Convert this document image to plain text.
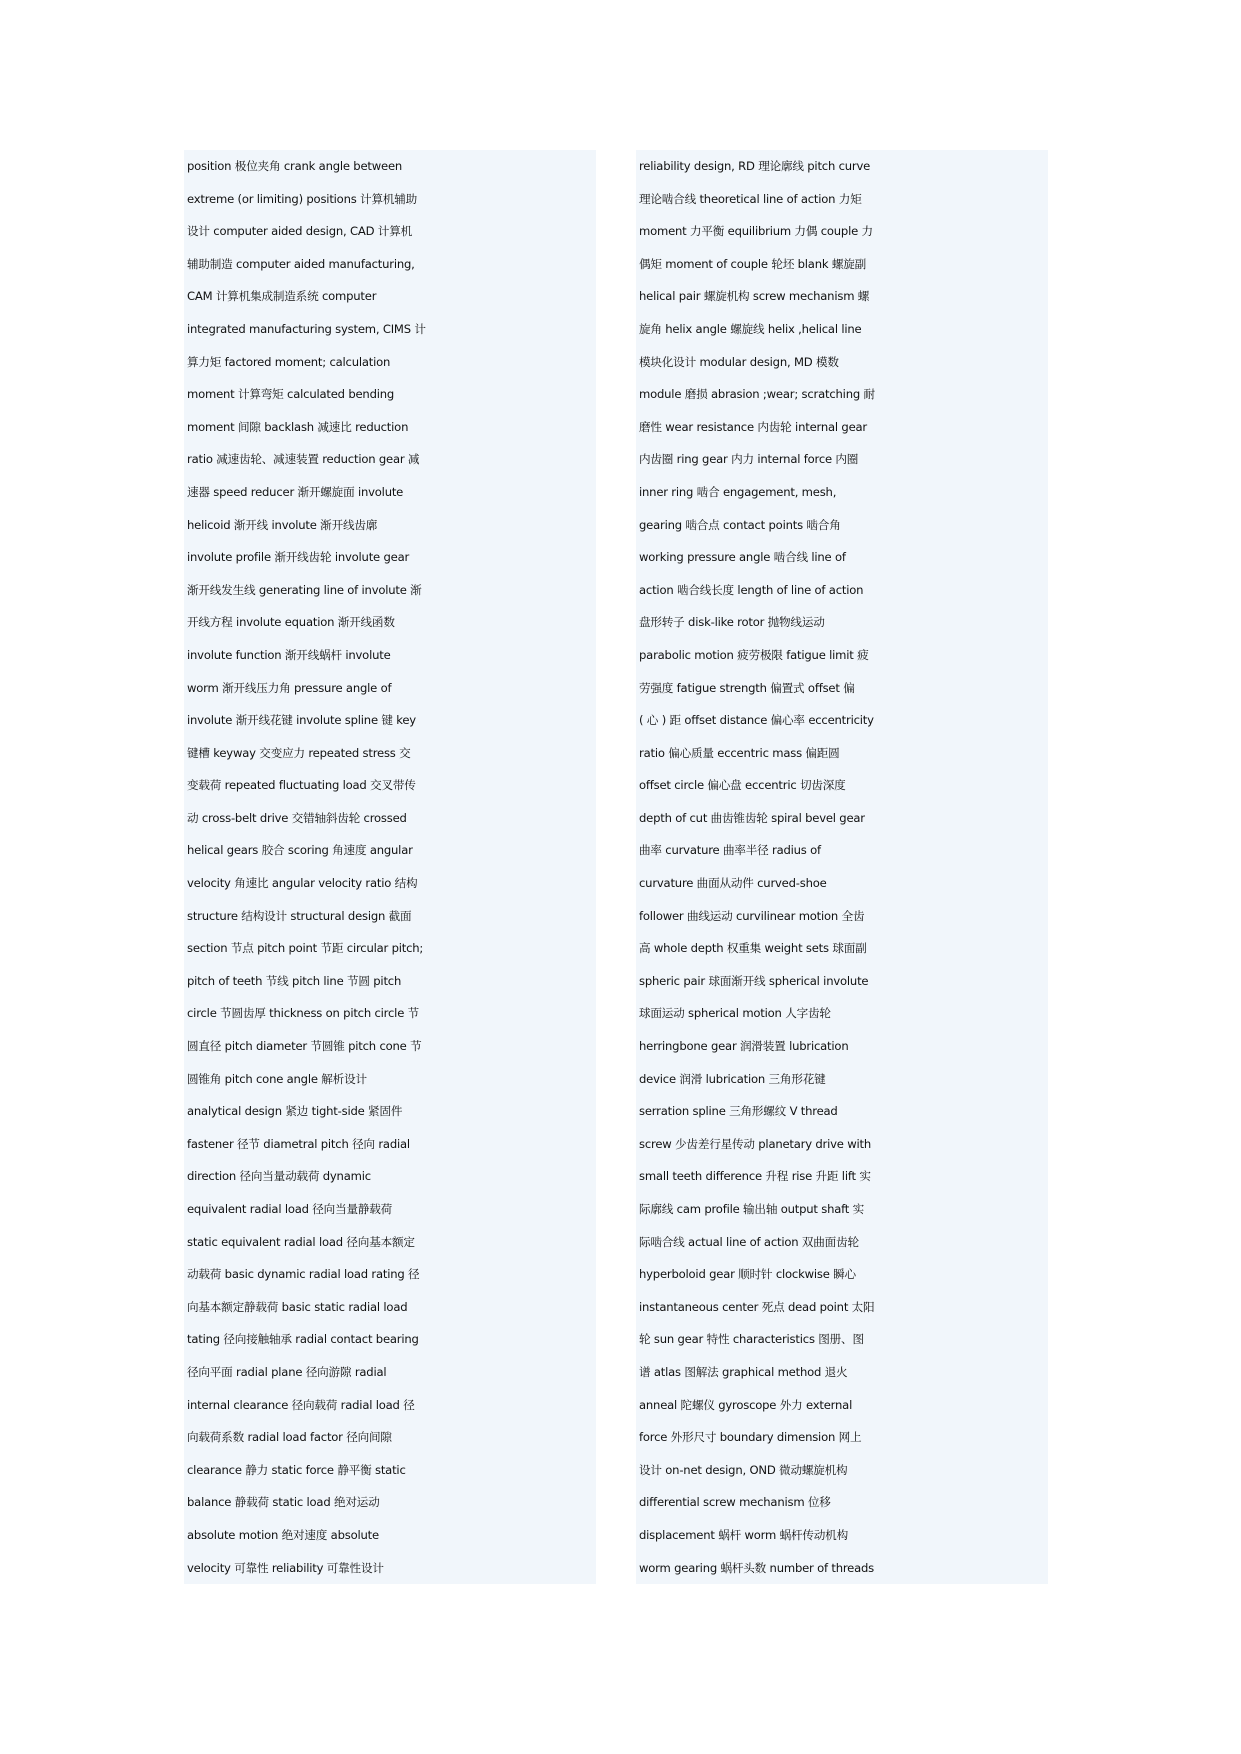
position 极位夹角 crank angle between
extreme (or limiting) positions 计算机辅助
设计 computer aided design, CAD 计算机
辅助制造 computer aided manufacturing,
CAM 计算机集成制造系统 computer
integrated manufacturing system, CIMS 计
算力矩 factored moment; calculation
moment 计算弯矩 calculated bending
moment 间隙 backlash 减速比 reduction
ratio 减速齿轮、减速装置 reduction gear 减
速器 speed reducer 渐开螺旋面 involute
helicoid 渐开线 involute 渐开线齿廓
involute profile 渐开线齿轮 involute gear
渐开线发生线 generating line of involute 渐
开线方程 involute equation 渐开线函数
involute function 渐开线蜗杆 involute
worm 渐开线压力角 pressure angle of
involute 渐开线花键 involute spline 键 key
键槽 keyway 交变应力 repeated stress 交
变载荷 repeated fluctuating load 交叉带传
动 cross-belt drive 交错轴斜齿轮 crossed
helical gears 胶合 scoring 角速度 angular
velocity 角速比 angular velocity ratio 结构
structure 结构设计 structural design 截面
section 节点 pitch point 节距 circular pitch;
pitch of teeth 节线 pitch line 节圆 pitch
circle 节圆齿厚 thickness on pitch circle 节
圆直径 pitch diameter 节圆锥 pitch cone 节
圆锥角 pitch cone angle 解析设计
analytical design 紧边 tight-side 紧固件
fastener 径节 diametral pitch 径向 radial
direction 径向当量动载荷 dynamic
equivalent radial load 径向当量静载荷
static equivalent radial load 径向基本额定
动载荷 basic dynamic radial load rating 径
向基本额定静载荷 basic static radial load
tating 径向接触轴承 radial contact bearing
径向平面 radial plane 径向游隙 radial
internal clearance 径向载荷 radial load 径
向载荷系数 radial load factor 径向间隙
clearance 静力 static force 静平衡 static
balance 静载荷 static load 绝对运动
absolute motion 绝对速度 absolute
velocity 可靠性 reliability 可靠性设计
reliability design, RD 理论廓线 pitch curve
理论啮合线 theoretical line of action 力矩
moment 力平衡 equilibrium 力偶 couple 力
偶矩 moment of couple 轮坯 blank 螺旋副
helical pair 螺旋机构 screw mechanism 螺
旋角 helix angle 螺旋线 helix ,helical line
模块化设计 modular design, MD 模数
module 磨损 abrasion ;wear; scratching 耐
磨性 wear resistance 内齿轮 internal gear
内齿圈 ring gear 内力 internal force 内圈
inner ring 啮合 engagement, mesh,
gearing 啮合点 contact points 啮合角
working pressure angle 啮合线 line of
action 啮合线长度 length of line of action
盘形转子 disk-like rotor 抛物线运动
parabolic motion 疲劳极限 fatigue limit 疲
劳强度 fatigue strength 偏置式 offset 偏
( 心 ) 距 offset distance 偏心率 eccentricity
ratio 偏心质量 eccentric mass 偏距圆
offset circle 偏心盘 eccentric 切齿深度
depth of cut 曲齿锥齿轮 spiral bevel gear
曲率 curvature 曲率半径 radius of
curvature 曲面从动件 curved-shoe
follower 曲线运动 curvilinear motion 全齿
高 whole depth 权重集 weight sets 球面副
spheric pair 球面渐开线 spherical involute
球面运动 spherical motion 人字齿轮
herringbone gear 润滑装置 lubrication
device 润滑 lubrication 三角形花键
serration spline 三角形螺纹 V thread
screw 少齿差行星传动 planetary drive with
small teeth difference 升程 rise 升距 lift 实
际廓线 cam profile 输出轴 output shaft 实
际啮合线 actual line of action 双曲面齿轮
hyperboloid gear 顺时针 clockwise 瞬心
instantaneous center 死点 dead point 太阳
轮 sun gear 特性 characteristics 图册、图
谱 atlas 图解法 graphical method 退火
anneal 陀螺仪 gyroscope 外力 external
force 外形尺寸 boundary dimension 网上
设计 on-net design, OND 微动螺旋机构
differential screw mechanism 位移
displacement 蜗杆 worm 蜗杆传动机构
worm gearing 蜗杆头数 number of threads
